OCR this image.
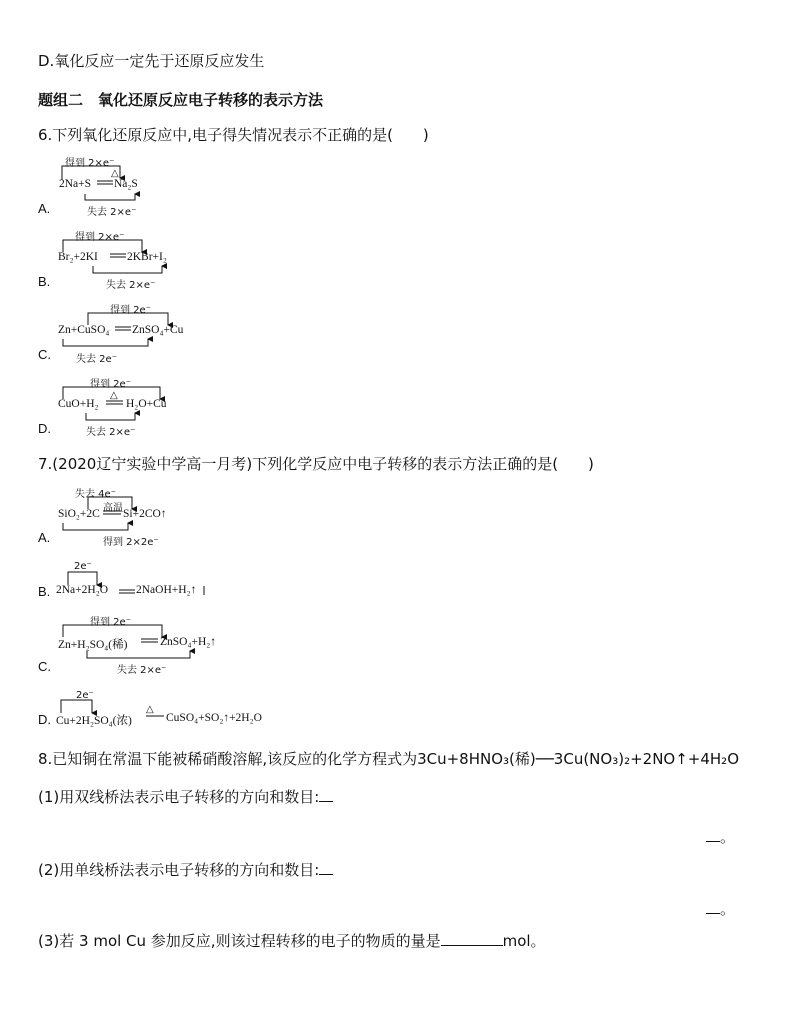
D.氧化反应一定先于还原反应发生
题组二　氧化还原反应电子转移的表示方法
6.下列氧化还原反应中,电子得失情况表示不正确的是(　　)
A.
得到 2×e⁻
△
2Na+S Na₂S
失去 2×e⁻
B.
得到 2×e⁻
Br₂+2KI	2KBr+I₂
失去 2×e⁻
C.
得到 2e⁻
Zn+CuSO₄ ZnSO₄+Cu
失去 2e⁻
D.
得到 2e⁻
△
CuO+H₂ H₂O+Cu
失去 2×e⁻
7.(2020辽宁实验中学高一月考)下列化学反应中电子转移的表示方法正确的是(　　)
A.
失去 4e⁻
高温
SiO₂+2C Si+2CO↑
得到 2×2e⁻
B.
2e⁻
2Na+2H₂O 2NaOH+H₂↑
C.
得到 2e⁻
Zn+H₂SO₄(稀)	ZnSO₄+H₂↑
失去 2×e⁻
D.
2e⁻
△
Cu+2H₂SO₄(浓)	CuSO₄+SO₂↑+2H₂O
8.已知铜在常温下能被稀硝酸溶解,该反应的化学方程式为3Cu+8HNO₃(稀)──3Cu(NO₃)₂+2NO↑+4H₂O
(1)用双线桥法表示电子转移的方向和数目:
。
(2)用单线桥法表示电子转移的方向和数目:
。
(3)若 3 mol Cu 参加反应,则该过程转移的电子的物质的量是	mol。
